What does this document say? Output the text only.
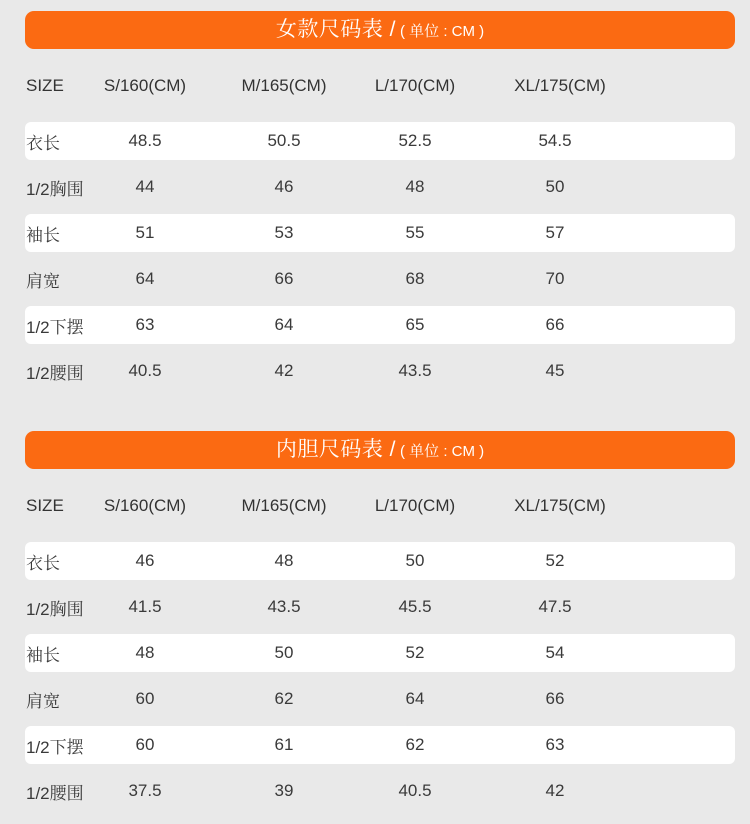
女款尺码表 / ( 单位 : CM )
SIZE	S/160(CM)	M/165(CM)	L/170(CM)	XL/175(CM)
衣长	48.5	50.5	52.5	54.5
1/2胸围	44	46	48	50
袖长	51	53	55	57
肩宽	64	66	68	70
1/2下摆	63	64	65	66
1/2腰围	40.5	42	43.5	45
内胆尺码表 / ( 单位 : CM )
SIZE	S/160(CM)	M/165(CM)	L/170(CM)	XL/175(CM)
衣长	46	48	50	52
1/2胸围	41.5	43.5	45.5	47.5
袖长	48	50	52	54
肩宽	60	62	64	66
1/2下摆	60	61	62	63
1/2腰围	37.5	39	40.5	42
